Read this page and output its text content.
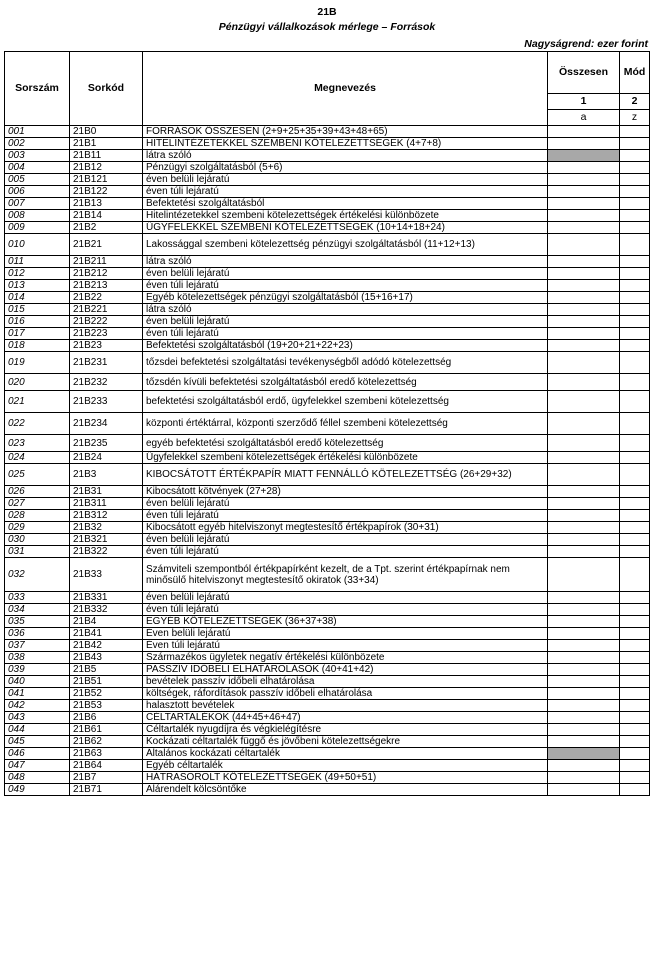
21B
Pénzügyi vállalkozások mérlege – Források
Nagyságrend: ezer forint
Sorszám	Sorkód	Megnevezés	Összesen	Mód
			1	2
			a	z
001	21B0	FORRÁSOK ÖSSZESEN (2+9+25+35+39+43+48+65)		
002	21B1	HITELINTÉZETEKKEL SZEMBENI KÖTELEZETTSÉGEK (4+7+8)		
003	21B11	látra szóló		
004	21B12	Pénzügyi szolgáltatásból (5+6)		
005	21B121	éven belüli lejáratú		
006	21B122	éven túli lejáratú		
007	21B13	Befektetési szolgáltatásból		
008	21B14	Hitelintézetekkel szembeni kötelezettségek értékelési különbözete		
009	21B2	ÜGYFELEKKEL SZEMBENI KÖTELEZETTSÉGEK (10+14+18+24)		
010	21B21	Lakossággal szembeni kötelezettség pénzügyi szolgáltatásból (11+12+13)		
011	21B211	látra szóló		
012	21B212	éven belüli lejáratú		
013	21B213	éven túli lejáratú		
014	21B22	Egyéb kötelezettségek pénzügyi szolgáltatásból (15+16+17)		
015	21B221	látra szóló		
016	21B222	éven belüli lejáratú		
017	21B223	éven túli lejáratú		
018	21B23	Befektetési szolgáltatásból (19+20+21+22+23)		
019	21B231	tőzsdei befektetési szolgáltatási tevékenységből adódó kötelezettség		
020	21B232	tőzsdén kívüli befektetési szolgáltatásból eredő kötelezettség		
021	21B233	befektetési szolgáltatásból erdő, ügyfelekkel szembeni kötelezettség		
022	21B234	központi értéktárral, központi szerződő féllel szembeni kötelezettség		
023	21B235	egyéb befektetési szolgáltatásból eredő kötelezettség		
024	21B24	Ügyfelekkel szembeni kötelezettségek értékelési különbözete		
025	21B3	KIBOCSÁTOTT ÉRTÉKPAPÍR MIATT FENNÁLLÓ KÖTELEZETTSÉG (26+29+32)		
026	21B31	Kibocsátott kötvények (27+28)		
027	21B311	éven belüli lejáratú		
028	21B312	éven túli lejáratú		
029	21B32	Kibocsátott egyéb hitelviszonyt megtestesítő értékpapírok (30+31)		
030	21B321	éven belüli lejáratú		
031	21B322	éven túli lejáratú		
032	21B33	Számviteli szempontból értékpapírként kezelt, de a Tpt. szerint értékpapírnak nem minősülő hitelviszonyt megtestesítő okiratok (33+34)		
033	21B331	éven belüli lejáratú		
034	21B332	éven túli lejáratú		
035	21B4	EGYÉB KÖTELEZETTSÉGEK (36+37+38)		
036	21B41	Éven belüli lejáratú		
037	21B42	Éven túli lejáratú		
038	21B43	Származékos ügyletek negatív értékelési különbözete		
039	21B5	PASSZÍV IDŐBELI ELHATÁROLÁSOK (40+41+42)		
040	21B51	bevételek passzív időbeli elhatárolása		
041	21B52	költségek, ráfordítások passzív időbeli elhatárolása		
042	21B53	halasztott bevételek		
043	21B6	CÉLTARTALÉKOK (44+45+46+47)		
044	21B61	Céltartalék nyugdíjra és végkielégítésre		
045	21B62	Kockázati céltartalék függő és jövőbeni kötelezettségekre		
046	21B63	Általános kockázati céltartalék		
047	21B64	Egyéb céltartalék		
048	21B7	HÁTRASOROLT KÖTELEZETTSÉGEK (49+50+51)		
049	21B71	Alárendelt kölcsöntőke		
